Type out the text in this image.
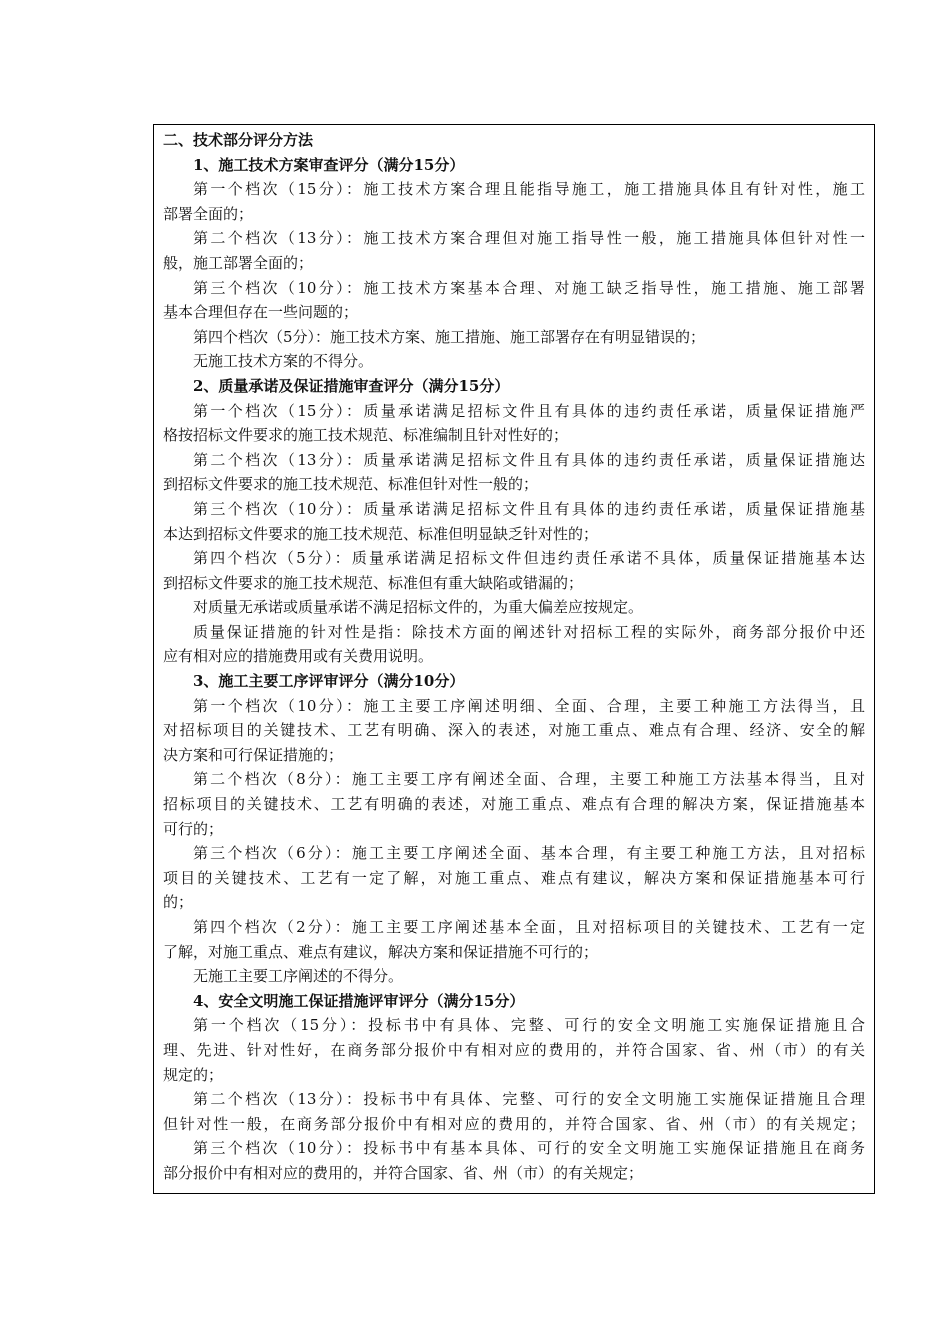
二、技术部分评分方法
1、施工技术方案审查评分（满分15分）
第一个档次（15分）：施工技术方案合理且能指导施工，施工措施具体且有针对性，施工
部署全面的；
第二个档次（13分）：施工技术方案合理但对施工指导性一般，施工措施具体但针对性一
般，施工部署全面的；
第三个档次（10分）：施工技术方案基本合理、对施工缺乏指导性，施工措施、施工部署
基本合理但存在一些问题的；
第四个档次（5分）：施工技术方案、施工措施、施工部署存在有明显错误的；
无施工技术方案的不得分。
2、质量承诺及保证措施审查评分（满分15分）
第一个档次（15分）：质量承诺满足招标文件且有具体的违约责任承诺，质量保证措施严
格按招标文件要求的施工技术规范、标准编制且针对性好的；
第二个档次（13分）：质量承诺满足招标文件且有具体的违约责任承诺，质量保证措施达
到招标文件要求的施工技术规范、标准但针对性一般的；
第三个档次（10分）：质量承诺满足招标文件且有具体的违约责任承诺，质量保证措施基
本达到招标文件要求的施工技术规范、标准但明显缺乏针对性的；
第四个档次（5分）：质量承诺满足招标文件但违约责任承诺不具体，质量保证措施基本达
到招标文件要求的施工技术规范、标准但有重大缺陷或错漏的；
对质量无承诺或质量承诺不满足招标文件的，为重大偏差应按规定。
质量保证措施的针对性是指：除技术方面的阐述针对招标工程的实际外，商务部分报价中还
应有相对应的措施费用或有关费用说明。
3、施工主要工序评审评分（满分10分）
第一个档次（10分）：施工主要工序阐述明细、全面、合理，主要工种施工方法得当，且
对招标项目的关键技术、工艺有明确、深入的表述，对施工重点、难点有合理、经济、安全的解
决方案和可行保证措施的；
第二个档次（8分）：施工主要工序有阐述全面、合理，主要工种施工方法基本得当，且对
招标项目的关键技术、工艺有明确的表述，对施工重点、难点有合理的解决方案，保证措施基本
可行的；
第三个档次（6分）：施工主要工序阐述全面、基本合理，有主要工种施工方法，且对招标
项目的关键技术、工艺有一定了解，对施工重点、难点有建议，解决方案和保证措施基本可行
的；
第四个档次（2分）：施工主要工序阐述基本全面，且对招标项目的关键技术、工艺有一定
了解，对施工重点、难点有建议，解决方案和保证措施不可行的；
无施工主要工序阐述的不得分。
4、安全文明施工保证措施评审评分（满分15分）
第一个档次（15分）：投标书中有具体、完整、可行的安全文明施工实施保证措施且合
理、先进、针对性好，在商务部分报价中有相对应的费用的，并符合国家、省、州（市）的有关
规定的；
第二个档次（13分）：投标书中有具体、完整、可行的安全文明施工实施保证措施且合理
但针对性一般，在商务部分报价中有相对应的费用的，并符合国家、省、州（市）的有关规定；
第三个档次（10分）：投标书中有基本具体、可行的安全文明施工实施保证措施且在商务
部分报价中有相对应的费用的，并符合国家、省、州（市）的有关规定；
